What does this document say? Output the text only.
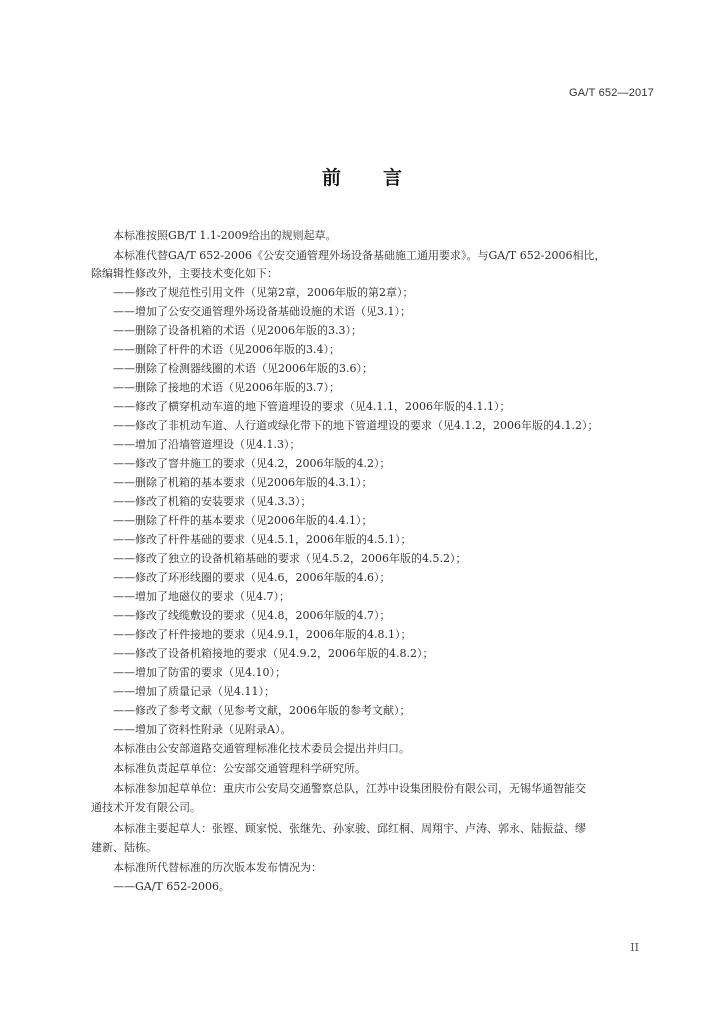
GA/T 652—2017
前 言
本标准按照GB/T 1.1-2009给出的规则起草。
本标准代替GA/T 652-2006《公安交通管理外场设备基础施工通用要求》。与GA/T 652-2006相比，
除编辑性修改外，主要技术变化如下：
——修改了规范性引用文件（见第2章，2006年版的第2章）；
——增加了公安交通管理外场设备基础设施的术语（见3.1）；
——删除了设备机箱的术语（见2006年版的3.3）；
——删除了杆件的术语（见2006年版的3.4）；
——删除了检测器线圈的术语（见2006年版的3.6）；
——删除了接地的术语（见2006年版的3.7）；
——修改了横穿机动车道的地下管道埋设的要求（见4.1.1，2006年版的4.1.1）；
——修改了非机动车道、人行道或绿化带下的地下管道埋设的要求（见4.1.2，2006年版的4.1.2）；
——增加了沿墙管道埋设（见4.1.3）；
——修改了窨井施工的要求（见4.2，2006年版的4.2）；
——删除了机箱的基本要求（见2006年版的4.3.1）；
——修改了机箱的安装要求（见4.3.3）；
——删除了杆件的基本要求（见2006年版的4.4.1）；
——修改了杆件基础的要求（见4.5.1，2006年版的4.5.1）；
——修改了独立的设备机箱基础的要求（见4.5.2，2006年版的4.5.2）；
——修改了环形线圈的要求（见4.6，2006年版的4.6）；
——增加了地磁仪的要求（见4.7）；
——修改了线缆敷设的要求（见4.8，2006年版的4.7）；
——修改了杆件接地的要求（见4.9.1，2006年版的4.8.1）；
——修改了设备机箱接地的要求（见4.9.2，2006年版的4.8.2）；
——增加了防雷的要求（见4.10）；
——增加了质量记录（见4.11）；
——修改了参考文献（见参考文献，2006年版的参考文献）；
——增加了资料性附录（见附录A）。
本标准由公安部道路交通管理标准化技术委员会提出并归口。
本标准负责起草单位：公安部交通管理科学研究所。
本标准参加起草单位：重庆市公安局交通警察总队，江苏中设集团股份有限公司，无锡华通智能交
通技术开发有限公司。
本标准主要起草人：张铿、顾家悦、张继先、孙家骏、邱红桐、周翔宇、卢涛、郭永、陆振益、缪
建新、陆栋。
本标准所代替标准的历次版本发布情况为：
——GA/T 652-2006。
II
